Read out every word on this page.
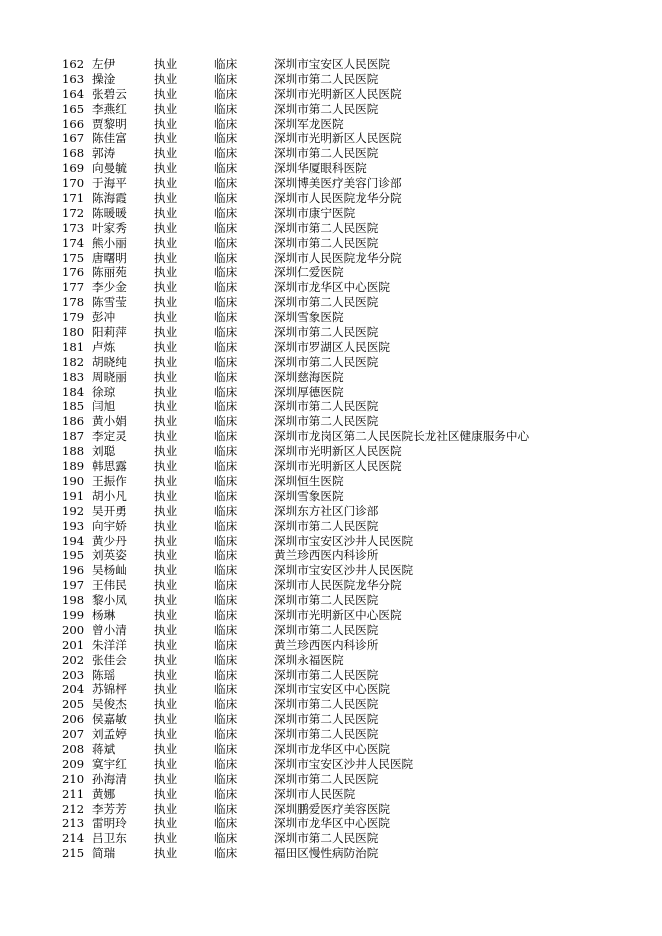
162 左伊	执业	临床	深圳市宝安区人民医院
163 操淦	执业	临床	深圳市第二人民医院
164 张碧云 执业	临床	深圳市光明新区人民医院
165 李燕红 执业	临床	深圳市第二人民医院
166 贾黎明 执业	临床	深圳军龙医院
167 陈佳富 执业	临床	深圳市光明新区人民医院
168 郭涛	执业	临床	深圳市第二人民医院
169 向曼毓 执业	临床	深圳华厦眼科医院
170 于海平 执业	临床	深圳博美医疗美容门诊部
171 陈海霞 执业	临床	深圳市人民医院龙华分院
172 陈暖暖 执业	临床	深圳市康宁医院
173 叶家秀 执业	临床	深圳市第二人民医院
174 熊小丽 执业	临床	深圳市第二人民医院
175 唐曙明 执业	临床	深圳市人民医院龙华分院
176 陈丽苑 执业	临床	深圳仁爱医院
177 李少金 执业	临床	深圳市龙华区中心医院
178 陈雪莹 执业	临床	深圳市第二人民医院
179 彭冲	执业	临床	深圳雪象医院
180 阳莉萍 执业	临床	深圳市第二人民医院
181 卢炼	执业	临床	深圳市罗湖区人民医院
182 胡晓纯 执业	临床	深圳市第二人民医院
183 周晓丽 执业	临床	深圳慈海医院
184 徐琼	执业	临床	深圳厚德医院
185 闫旭	执业	临床	深圳市第二人民医院
186 黄小娟 执业	临床	深圳市第二人民医院
187 李定灵 执业	临床	深圳市龙岗区第二人民医院长龙社区健康服务中心
188 刘聪	执业	临床	深圳市光明新区人民医院
189 韩思露 执业	临床	深圳市光明新区人民医院
190 王振作 执业	临床	深圳恒生医院
191 胡小凡 执业	临床	深圳雪象医院
192 吴开勇 执业	临床	深圳东方社区门诊部
193 向宇娇 执业	临床	深圳市第二人民医院
194 黄少丹 执业	临床	深圳市宝安区沙井人民医院
195 刘英姿 执业	临床	黄兰珍西医内科诊所
196 吴杨屾 执业	临床	深圳市宝安区沙井人民医院
197 王伟民 执业	临床	深圳市人民医院龙华分院
198 黎小凤 执业	临床	深圳市第二人民医院
199 杨琳	执业	临床	深圳市光明新区中心医院
200 曾小清 执业	临床	深圳市第二人民医院
201 朱洋洋 执业	临床	黄兰珍西医内科诊所
202 张佳会 执业	临床	深圳永福医院
203 陈瑶	执业	临床	深圳市第二人民医院
204 苏锦枰 执业	临床	深圳市宝安区中心医院
205 吴俊杰 执业	临床	深圳市第二人民医院
206 侯嘉敏 执业	临床	深圳市第二人民医院
207 刘孟婷 执业	临床	深圳市第二人民医院
208 蒋斌	执业	临床	深圳市龙华区中心医院
209 寞宇红 执业	临床	深圳市宝安区沙井人民医院
210 孙海清 执业	临床	深圳市第二人民医院
211 黄娜	执业	临床	深圳市人民医院
212 李芳芳 执业	临床	深圳鹏爱医疗美容医院
213 雷明玲 执业	临床	深圳市龙华区中心医院
214 吕卫东 执业	临床	深圳市第二人民医院
215 简瑞	执业	临床	福田区慢性病防治院
